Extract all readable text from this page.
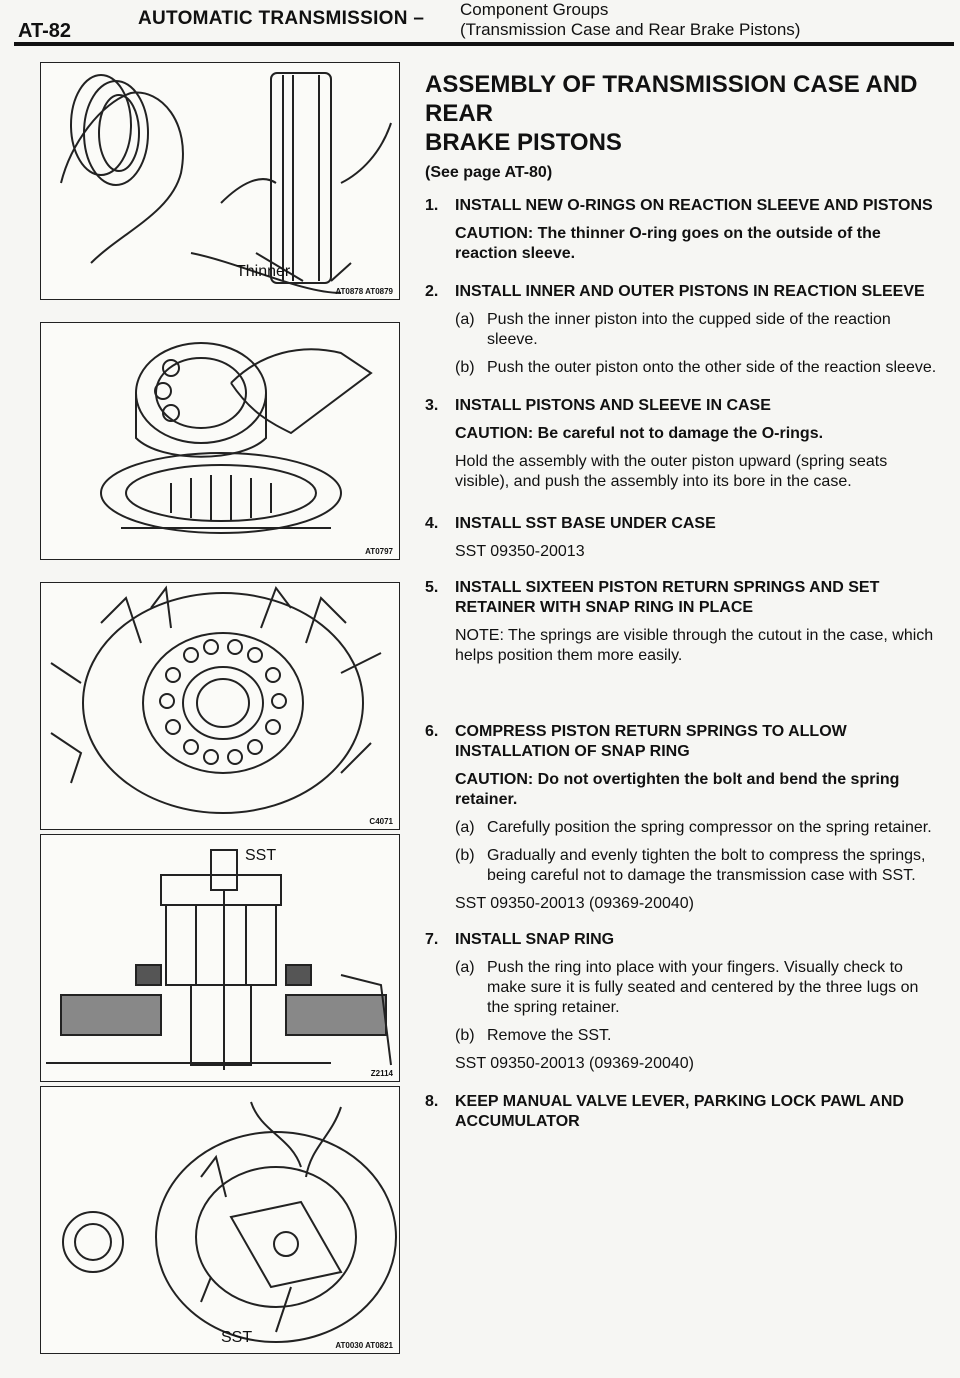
AT-82
AUTOMATIC TRANSMISSION – Component Groups
(Transmission Case and Rear Brake Pistons)
Thinner
AT0878 AT0879
AT0797
C4071
SST
Z2114
SST	AT0030 AT0821
ASSEMBLY OF TRANSMISSION CASE AND REAR
BRAKE PISTONS
(See page AT-80)
1.	INSTALL NEW O-RINGS ON REACTION SLEEVE AND PISTONS
CAUTION: The thinner O-ring goes on the outside of the reaction sleeve.
2.	INSTALL INNER AND OUTER PISTONS IN REACTION SLEEVE
(a) Push the inner piston into the cupped side of the reaction sleeve.
(b) Push the outer piston onto the other side of the reaction sleeve.
3.	INSTALL PISTONS AND SLEEVE IN CASE
CAUTION: Be careful not to damage the O-rings.
Hold the assembly with the outer piston upward (spring seats visible), and push the assembly into its bore in the case.
4.	INSTALL SST BASE UNDER CASE
SST 09350-20013
5.	INSTALL SIXTEEN PISTON RETURN SPRINGS AND SET RETAINER WITH SNAP RING IN PLACE
NOTE: The springs are visible through the cutout in the case, which helps position them more easily.
6.	COMPRESS PISTON RETURN SPRINGS TO ALLOW INSTALLATION OF SNAP RING
CAUTION: Do not overtighten the bolt and bend the spring retainer.
(a) Carefully position the spring compressor on the spring retainer.
(b) Gradually and evenly tighten the bolt to compress the springs, being careful not to damage the transmission case with SST.
SST 09350-20013 (09369-20040)
7.	INSTALL SNAP RING
(a) Push the ring into place with your fingers. Visually check to make sure it is fully seated and centered by the three lugs on the spring retainer.
(b) Remove the SST.
SST 09350-20013 (09369-20040)
8.	KEEP MANUAL VALVE LEVER, PARKING LOCK PAWL AND ACCUMULATOR
